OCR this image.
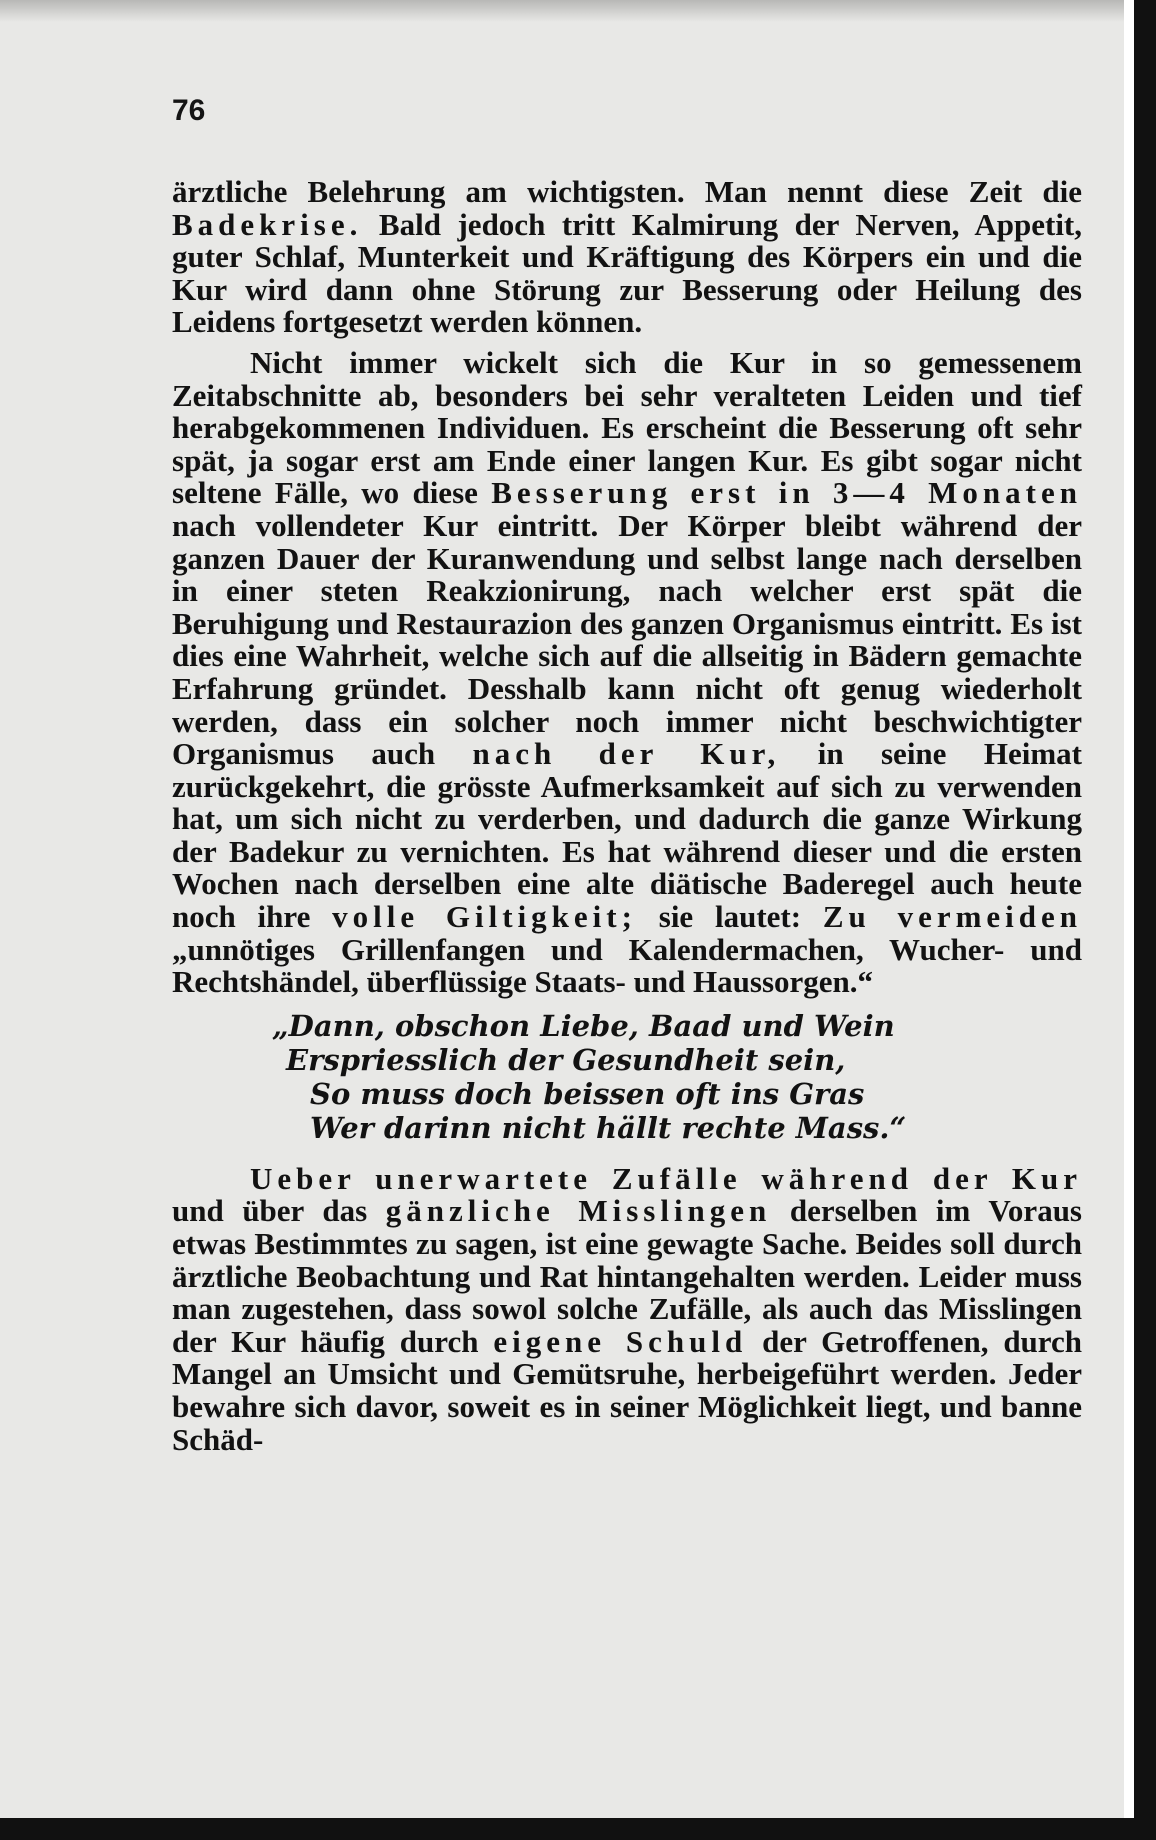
76

ärztliche Belehrung am wichtigsten. Man nennt diese Zeit die Badekrise. Bald jedoch tritt Kalmirung der Nerven, Appetit, guter Schlaf, Munterkeit und Kräftigung des Körpers ein und die Kur wird dann ohne Störung zur Besserung oder Heilung des Leidens fortgesetzt werden können.

Nicht immer wickelt sich die Kur in so gemessenem Zeitabschnitte ab, besonders bei sehr veralteten Leiden und tief herabgekommenen Individuen. Es erscheint die Besserung oft sehr spät, ja sogar erst am Ende einer langen Kur. Es gibt sogar nicht seltene Fälle, wo diese Besserung erst in 3—4 Monaten nach vollendeter Kur eintritt. Der Körper bleibt während der ganzen Dauer der Kuranwendung und selbst lange nach derselben in einer steten Reakzionirung, nach welcher erst spät die Beruhigung und Restaurazion des ganzen Organismus eintritt. Es ist dies eine Wahrheit, welche sich auf die allseitig in Bädern gemachte Erfahrung gründet. Desshalb kann nicht oft genug wiederholt werden, dass ein solcher noch immer nicht beschwichtigter Organismus auch nach der Kur, in seine Heimat zurückgekehrt, die grösste Aufmerksamkeit auf sich zu verwenden hat, um sich nicht zu verderben, und dadurch die ganze Wirkung der Badekur zu vernichten. Es hat während dieser und die ersten Wochen nach derselben eine alte diätische Baderegel auch heute noch ihre volle Giltigkeit; sie lautet: Zu vermeiden „unnötiges Grillenfangen und Kalendermachen, Wucher- und Rechtshändel, überflüssige Staats- und Haussorgen.“

„Dann, obschon Liebe, Baad und Wein
Erspriesslich der Gesundheit sein,
So muss doch beissen oft ins Gras
Wer darinn nicht hällt rechte Mass.“

Ueber unerwartete Zufälle während der Kur und über das gänzliche Misslingen derselben im Voraus etwas Bestimmtes zu sagen, ist eine gewagte Sache. Beides soll durch ärztliche Beobachtung und Rat hintangehalten werden. Leider muss man zugestehen, dass sowol solche Zufälle, als auch das Misslingen der Kur häufig durch eigene Schuld der Getroffenen, durch Mangel an Umsicht und Gemütsruhe, herbeigeführt werden. Jeder bewahre sich davor, soweit es in seiner Möglichkeit liegt, und banne Schäd-
